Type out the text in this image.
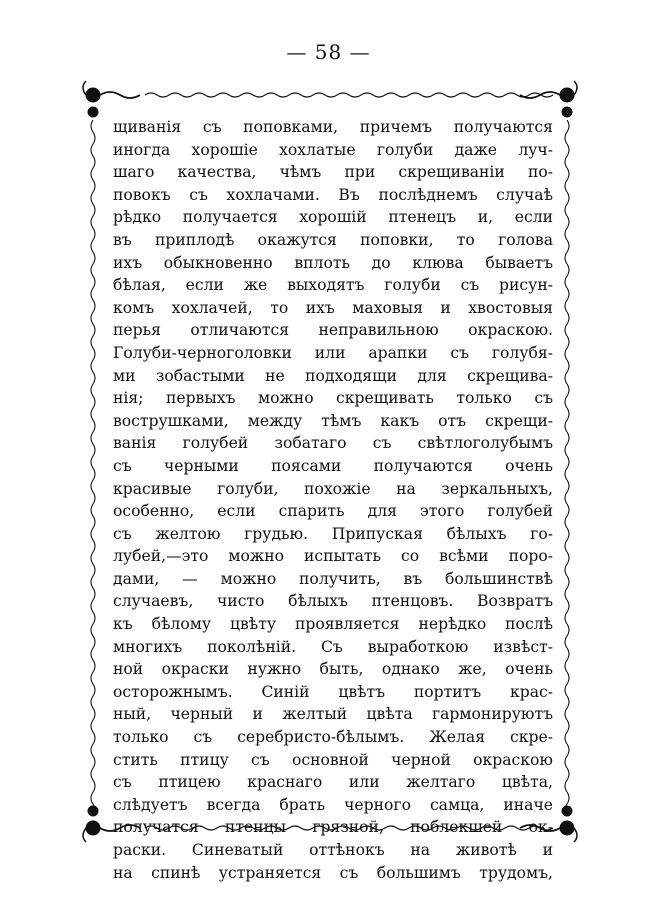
— 58 —
щиванія съ поповками, причемъ получаются
иногда хорошіе хохлатые голуби даже луч-
шаго качества, чѣмъ при скрещиваніи по-
повокъ съ хохлачами. Въ послѣднемъ случаѣ
рѣдко получается хорошій птенецъ и, если
въ приплодѣ окажутся поповки, то голова
ихъ обыкновенно вплоть до клюва бываетъ
бѣлая, если же выходятъ голуби съ рисун-
комъ хохлачей, то ихъ маховыя и хвостовыя
перья отличаются неправильною окраскою.
Голуби-черноголовки или арапки съ голубя-
ми зобастыми не подходящи для скрещива-
нія; первыхъ можно скрещивать только съ
вострушками, между тѣмъ какъ отъ скрещи-
ванія голубей зобатаго съ свѣтлоголубымъ
съ черными поясами получаются очень
красивые голуби, похожіе на зеркальныхъ,
особенно, если спарить для этого голубей
съ желтою грудью. Припуская бѣлыхъ го-
лубей,—это можно испытать со всѣми поро-
дами, — можно получить, въ большинствѣ
случаевъ, чисто бѣлыхъ птенцовъ. Возвратъ
къ бѣлому цвѣту проявляется нерѣдко послѣ
многихъ поколѣній. Съ выработкою извѣст-
ной окраски нужно быть, однако же, очень
осторожнымъ. Синій цвѣтъ портитъ крас-
ный, черный и желтый цвѣта гармонируютъ
только съ серебристо-бѣлымъ. Желая скре-
стить птицу съ основной черной окраскою
съ птицею краснаго или желтаго цвѣта,
слѣдуетъ всегда брать черного самца, иначе
получатся птенцы грязной, поблекшей ок-
раски. Синеватый оттѣнокъ на животѣ и
на спинѣ устраняется съ большимъ трудомъ,
